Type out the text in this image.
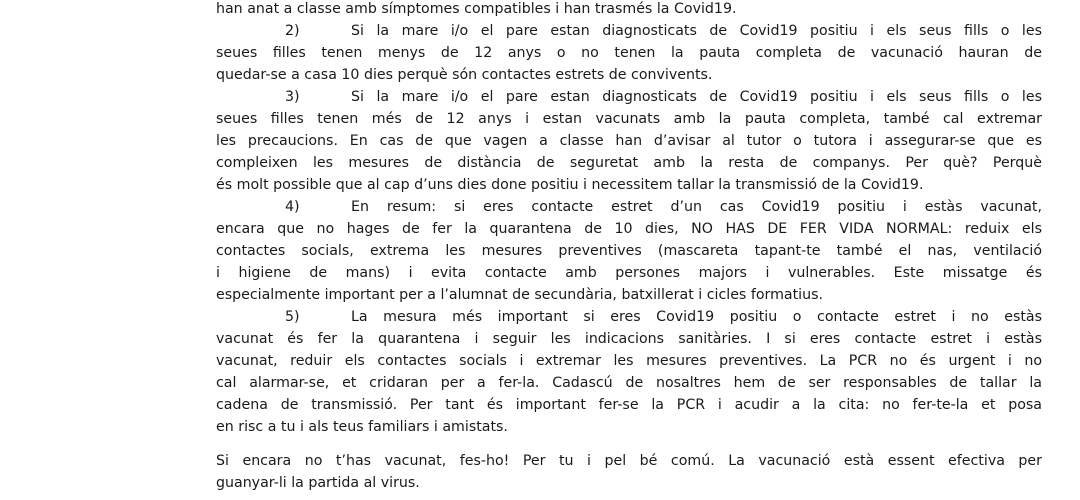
han anat a classe amb símptomes compatibles i han trasmés la Covid19.
2)	Si la mare i/o el pare estan diagnosticats de Covid19 positiu i els seus fills o les
seues filles tenen menys de 12 anys o no tenen la pauta completa de vacunació hauran de
quedar-se a casa 10 dies perquè són contactes estrets de convivents.
3)	Si la mare i/o el pare estan diagnosticats de Covid19 positiu i els seus fills o les
seues filles tenen més de 12 anys i estan vacunats amb la pauta completa, també cal extremar
les precaucions. En cas de que vagen a classe han d’avisar al tutor o tutora i assegurar-se que es
compleixen les mesures de distància de seguretat amb la resta de companys. Per què? Perquè
és molt possible que al cap d’uns dies done positiu i necessitem tallar la transmissió de la Covid19.
4)	En resum: si eres contacte estret d’un cas Covid19 positiu i estàs vacunat,
encara que no hages de fer la quarantena de 10 dies, NO HAS DE FER VIDA NORMAL: reduix els
contactes socials, extrema les mesures preventives (mascareta tapant-te també el nas, ventilació
i higiene de mans) i evita contacte amb persones majors i vulnerables. Este missatge és
especialmente important per a l’alumnat de secundària, batxillerat i cicles formatius.
5)	La mesura més important si eres Covid19 positiu o contacte estret i no estàs
vacunat és fer la quarantena i seguir les indicacions sanitàries. I si eres contacte estret i estàs
vacunat, reduir els contactes socials i extremar les mesures preventives. La PCR no és urgent i no
cal alarmar-se, et cridaran per a fer-la. Cadascú de nosaltres hem de ser responsables de tallar la
cadena de transmissió. Per tant és important fer-se la PCR i acudir a la cita: no fer-te-la et posa
en risc a tu i als teus familiars i amistats.
Si encara no t’has vacunat, fes-ho! Per tu i pel bé comú. La vacunació està essent efectiva per
guanyar-li la partida al virus.
